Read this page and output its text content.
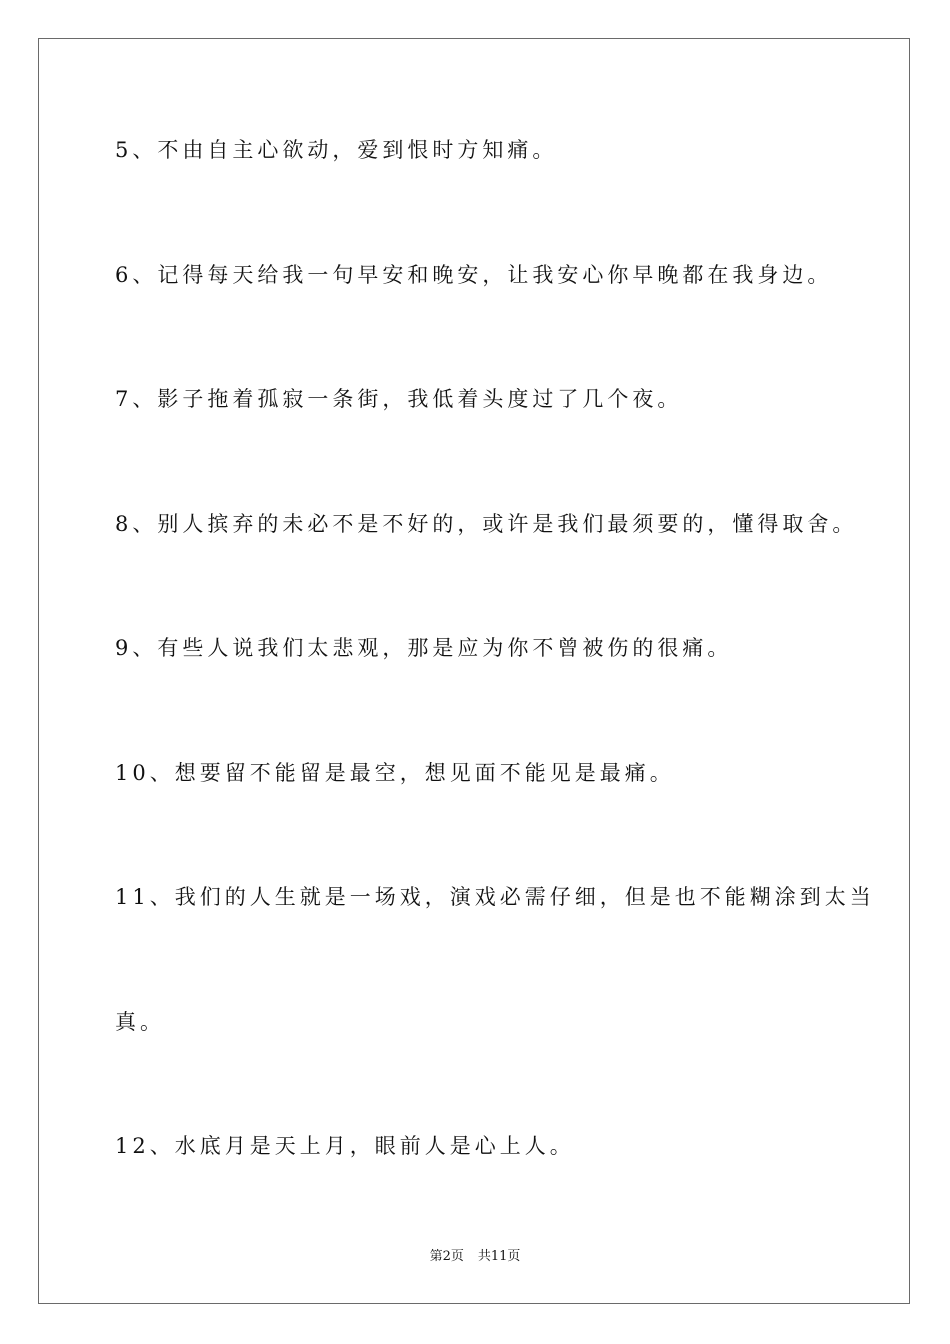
5、不由自主心欲动，爱到恨时方知痛。
6、记得每天给我一句早安和晚安，让我安心你早晚都在我身边。
7、影子拖着孤寂一条街，我低着头度过了几个夜。
8、别人摈弃的未必不是不好的，或许是我们最须要的，懂得取舍。
9、有些人说我们太悲观，那是应为你不曾被伤的很痛。
10、想要留不能留是最空，想见面不能见是最痛。
11、我们的人生就是一场戏，演戏必需仔细，但是也不能糊涂到太当
真。
12、水底月是天上月，眼前人是心上人。
第2页 共11页
